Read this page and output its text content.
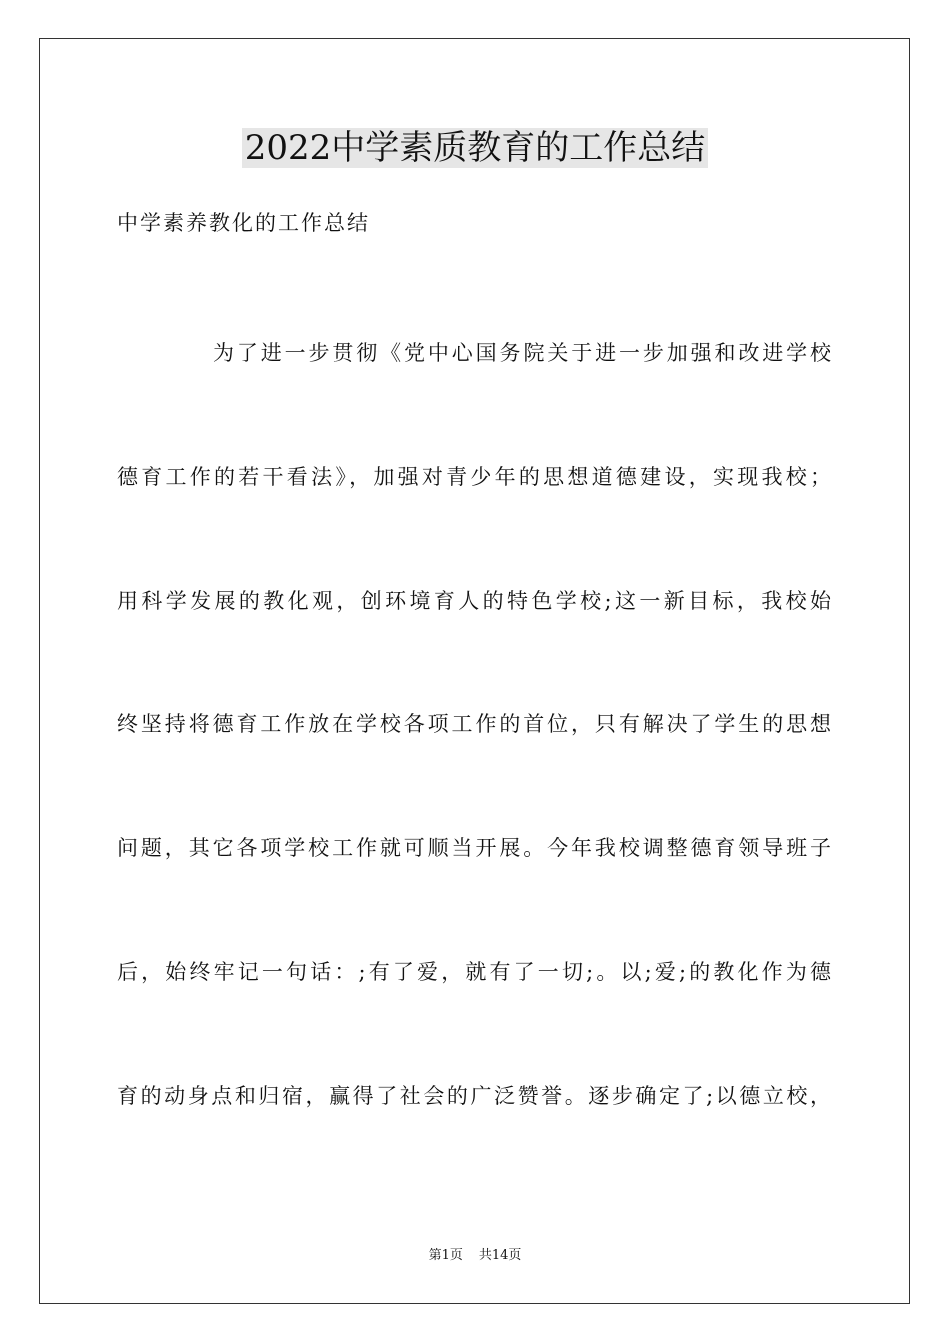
2022中学素质教育的工作总结
中学素养教化的工作总结
为了进一步贯彻《党中心国务院关于进一步加强和改进学校
德育工作的若干看法》，加强对青少年的思想道德建设，实现我校；
用科学发展的教化观，创环境育人的特色学校;这一新目标，我校始
终坚持将德育工作放在学校各项工作的首位，只有解决了学生的思想
问题，其它各项学校工作就可顺当开展。今年我校调整德育领导班子
后，始终牢记一句话：;有了爱，就有了一切;。以;爱;的教化作为德
育的动身点和归宿，赢得了社会的广泛赞誉。逐步确定了;以德立校，
第1页 共14页
